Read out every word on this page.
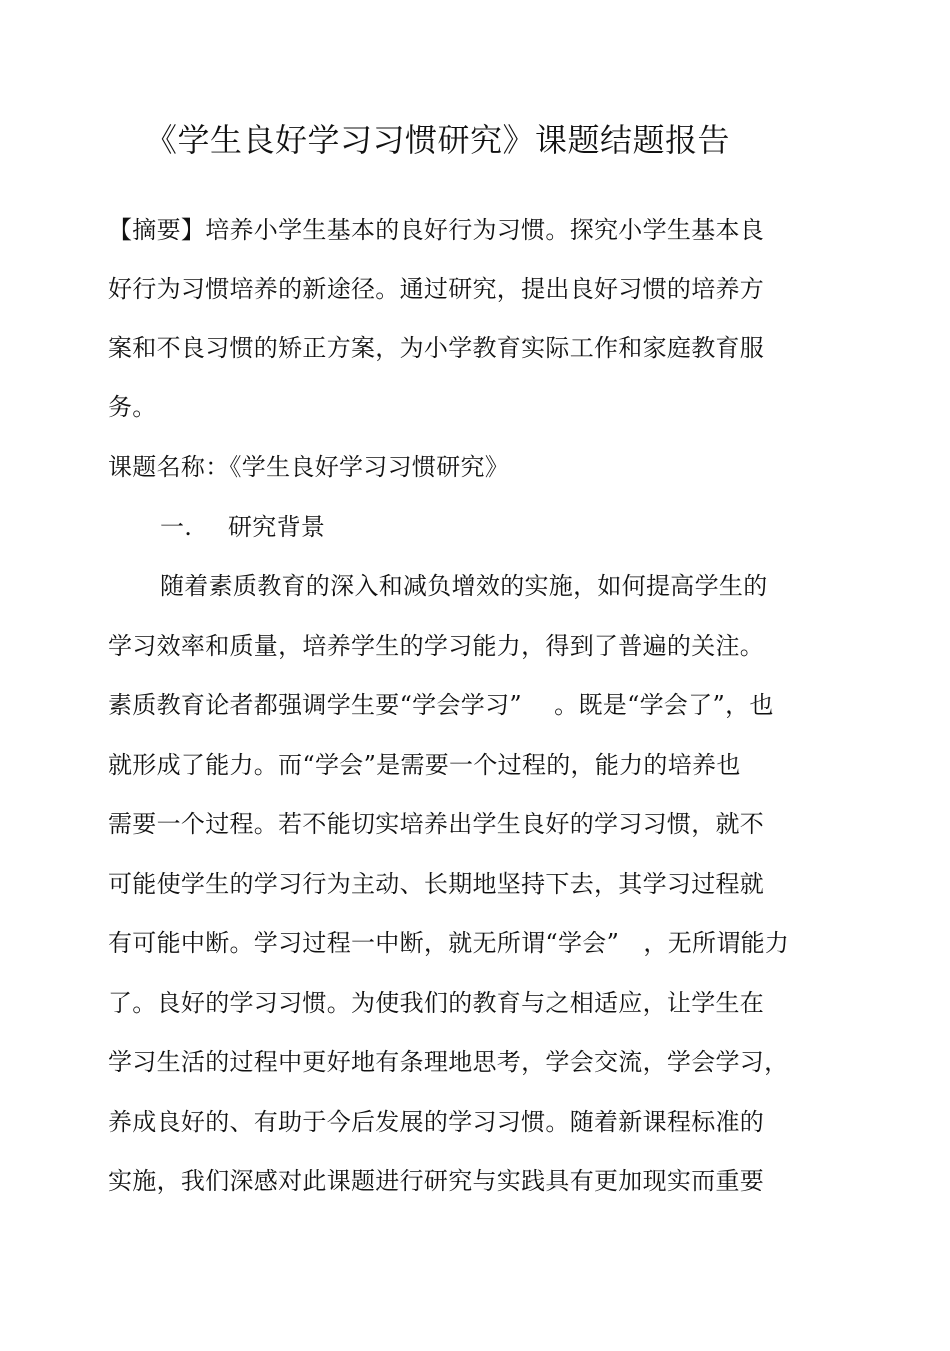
《学生良好学习习惯研究》课题结题报告
【摘要】培养小学生基本的良好行为习惯。探究小学生基本良
好行为习惯培养的新途径。通过研究，提出良好习惯的培养方
案和不良习惯的矫正方案，为小学教育实际工作和家庭教育服
务。
课题名称：《学生良好学习习惯研究》
一. 研究背景
随着素质教育的深入和减负增效的实施，如何提高学生的
学习效率和质量，培养学生的学习能力，得到了普遍的关注。
素质教育论者都强调学生要“学会学习”　 。既是“学会了”，也
就形成了能力。而“学会”是需要一个过程的，能力的培养也
需要一个过程。若不能切实培养出学生良好的学习习惯，就不
可能使学生的学习行为主动、长期地坚持下去，其学习过程就
有可能中断。学习过程一中断，就无所谓“学会”　，无所谓能力
了。良好的学习习惯。为使我们的教育与之相适应，让学生在
学习生活的过程中更好地有条理地思考，学会交流，学会学习，
养成良好的、有助于今后发展的学习习惯。随着新课程标准的
实施，我们深感对此课题进行研究与实践具有更加现实而重要
